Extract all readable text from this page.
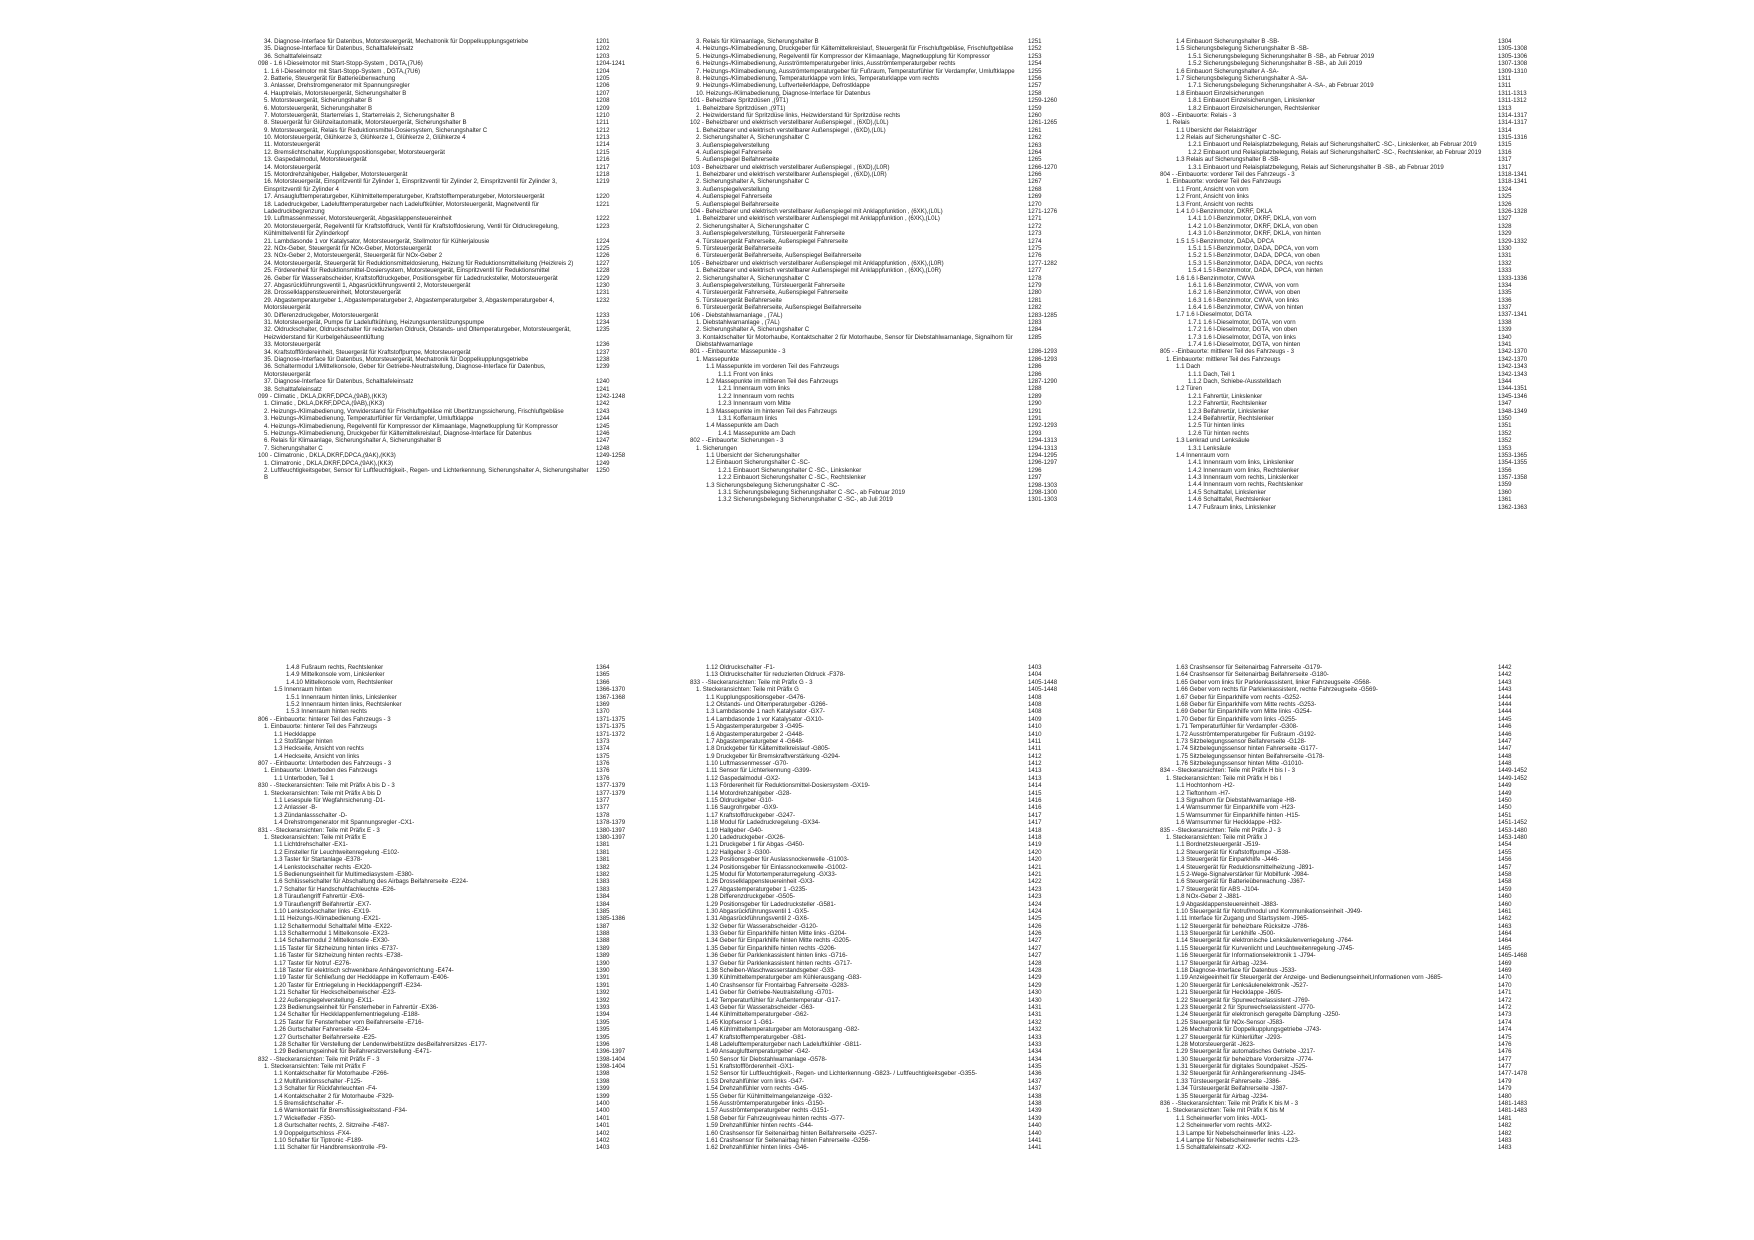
34. Diagnose-Interface für Datenbus, Motorsteuergerät, Mechatronik für Doppelkupplungsgetriebe	1201
35. Diagnose-Interface für Datenbus, Schalttafeleinsatz	1202
36. Schalttafeleinsatz	1203
098 - 1.6 l-Dieselmotor mit Start-Stopp-System , DGTA,(7U6)	1204-1241
1. 1.6 l-Dieselmotor mit Start-Stopp-System , DGTA,(7U6)	1204
2. Batterie, Steuergerät für Batterieüberwachung	1205
3. Anlasser, Drehstromgenerator mit Spannungsregler	1206
4. Hauptrelais, Motorsteuergerät, Sicherungshalter B	1207
5. Motorsteuergerät, Sicherungshalter B	1208
6. Motorsteuergerät, Sicherungshalter B	1209
7. Motorsteuergerät, Starterrelais 1, Starterrelais 2, Sicherungshalter B	1210
8. Steuergerät für Glühzeitautomatik, Motorsteuergerät, Sicherungshalter B	1211
9. Motorsteuergerät, Relais für Reduktionsmittel-Dosiersystem, Sicherungshalter C	1212
10. Motorsteuergerät, Glühkerze 3, Glühkerze 1, Glühkerze 2, Glühkerze 4	1213
11. Motorsteuergerät	1214
12. Bremslichtschalter, Kupplungspositionsgeber, Motorsteuergerät	1215
13. Gaspedalmodul, Motorsteuergerät	1216
14. Motorsteuergerät	1217
15. Motordrehzahlgeber, Hallgeber, Motorsteuergerät	1218
16. Motorsteuergerät, Einspritzventil für Zylinder 1, Einspritzventil für Zylinder 2, Einspritzventil für Zylinder 3, Einspritzventil für Zylinder 4
1219
17. Ansauglufttemperaturgeber, Kühlmitteltemperaturgeber, Kraftstofftemperaturgeber, Motorsteuergerät	1220
18. Ladedruckgeber, Ladelufttemperaturgeber nach Ladeluftkühler, Motorsteuergerät, Magnetventil für Ladedruckbegrenzung
1221
19. Luftmassenmesser, Motorsteuergerät, Abgasklappensteuereinheit	1222
20. Motorsteuergerät, Regelventil für Kraftstoffdruck, Ventil für Kraftstoffdosierung, Ventil für Öldruckregelung, Kühlmittelventil für Zylinderkopf
1223
21. Lambdasonde 1 vor Katalysator, Motorsteuergerät, Stellmotor für Kühlerjalousie	1224
22. NOx-Geber, Steuergerät für NOx-Geber, Motorsteuergerät	1225
23. NOx-Geber 2, Motorsteuergerät, Steuergerät für NOx-Geber 2	1226
24. Motorsteuergerät, Steuergerät für Reduktionsmitteldosierung, Heizung für Reduktionsmittelleitung (Heizkreis 2)	1227
25. Förderenheit für Reduktionsmittel-Dosiersystem, Motorsteuergerät, Einspritzventil für Reduktionsmittel	1228
26. Geber für Wasserabscheider, Kraftstoffdruckgeber, Positionsgeber für Ladedrucksteller, Motorsteuergerät	1229
27. Abgasrückführungsventil 1, Abgasrückführungsventil 2, Motorsteuergerät	1230
28. Drosselklappensteuereinheit, Motorsteuergerät	1231
29. Abgastemperaturgeber 1, Abgastemperaturgeber 2, Abgastemperaturgeber 3, Abgastemperaturgeber 4, Motorsteuergerät
1232
30. Differenzdruckgeber, Motorsteuergerät	1233
31. Motorsteuergerät, Pumpe für Ladeluftkühlung, Heizungsunterstützungspumpe	1234
32. Öldruckschalter, Öldruckschalter für reduzierten Öldruck, Ölstands- und Öltemperaturgeber, Motorsteuergerät, Heizwiderstand für Kurbelgehäuseentlüftung
1235
33. Motorsteuergerät	1236
34. Kraftstofffördereinheit, Steuergerät für Kraftstoffpumpe, Motorsteuergerät	1237
35. Diagnose-Interface für Datenbus, Motorsteuergerät, Mechatronik für Doppelkupplungsgetriebe	1238
36. Schaltermodul 1/Mittelkonsole, Geber für Getriebe-Neutralstellung, Diagnose-Interface für Datenbus, Motorsteuergerät
1239
37. Diagnose-Interface für Datenbus, Schalttafeleinsatz	1240
38. Schalttafeleinsatz	1241
099 - Climatic , DKLA,DKRF,DPCA,(9AB),(KK3)	1242-1248
1. Climatic , DKLA,DKRF,DPCA,(9AB),(KK3)	1242
2. Heizungs-/Klimabedienung, Vorwiderstand für Frischluftgebläse mit Übertitzungssicherung, Frischluftgebläse	1243
3. Heizungs-/Klimabedienung, Temperaturfühler für Verdampfer, Umluftklappe	1244
4. Heizungs-/Klimabedienung, Regelventil für Kompressor der Klimaanlage, Magnetkupplung für Kompressor	1245
5. Heizungs-/Klimabedienung, Druckgeber für Kältemittelkreislauf, Diagnose-Interface für Datenbus	1246
6. Relais für Klimaanlage, Sicherungshalter A, Sicherungshalter B	1247
7. Sicherungshalter C	1248
100 - Climatronic , DKLA,DKRF,DPCA,(9AK),(KK3)	1249-1258
1. Climatronic , DKLA,DKRF,DPCA,(9AK),(KK3)	1249
2. Luftfeuchtigkeitsgeber, Sensor für Luftfeuchtigkeit-, Regen- und Lichterkennung, Sicherungshalter A, Sicherungshalter B
1250
3. Relais für Klimaanlage, Sicherungshalter B	1251
4. Heizungs-/Klimabedienung, Druckgeber für Kältemittelkreislauf, Steuergerät für Frischluftgebläse, Frischluftgebläse	1252
5. Heizungs-/Klimabedienung, Regelventil für Kompressor der Klimaanlage, Magnetkupplung für Kompressor	1253
6. Heizungs-/Klimabedienung, Ausströmtemperaturgeber links, Ausströmtemperaturgeber rechts	1254
7. Heizungs-/Klimabedienung, Ausströmtemperaturgeber für Fußraum, Temperaturfühler für Verdampfer, Umluftklappe	1255
8. Heizungs-/Klimabedienung, Temperaturklappe vorn links, Temperaturklappe vorn rechts	1256
9. Heizungs-/Klimabedienung, Luftverteilerklappe, Defrostklappe	1257
10. Heizungs-/Klimabedienung, Diagnose-Interface für Datenbus	1258
101 - Beheizbare Spritzdüsen ,(9T1)	1259-1260
1. Beheizbare Spritzdüsen ,(9T1)	1259
2. Heizwiderstand für Spritzdüse links, Heizwiderstand für Spritzdüse rechts	1260
102 - Beheizbarer und elektrisch verstellbarer Außenspiegel , (6XD),(L0L)	1261-1265
1. Beheizbarer und elektrisch verstellbarer Außenspiegel , (6XD),(L0L)	1261
2. Sicherungshalter A, Sicherungshalter C	1262
3. Außenspiegelverstellung	1263
4. Außenspiegel Fahrerseite	1264
5. Außenspiegel Beifahrerseite	1265
103 - Beheizbarer und elektrisch verstellbarer Außenspiegel , (6XD),(L0R)	1266-1270
1. Beheizbarer und elektrisch verstellbarer Außenspiegel , (6XD),(L0R)	1266
2. Sicherungshalter A, Sicherungshalter C	1267
3. Außenspiegelverstellung	1268
4. Außenspiegel Fahrerseite	1269
5. Außenspiegel Beifahrerseite	1270
104 - Beheizbarer und elektrisch verstellbarer Außenspiegel mit Anklappfunktion , (6XK),(L0L)	1271-1276
1. Beheizbarer und elektrisch verstellbarer Außenspiegel mit Anklappfunktion , (6XK),(L0L)	1271
2. Sicherungshalter A, Sicherungshalter C	1272
3. Außenspiegelverstellung, Türsteuergerät Fahrerseite	1273
4. Türsteuergerät Fahrerseite, Außenspiegel Fahrerseite	1274
5. Türsteuergerät Beifahrerseite	1275
6. Türsteuergerät Beifahrerseite, Außenspiegel Beifahrerseite	1276
105 - Beheizbarer und elektrisch verstellbarer Außenspiegel mit Anklappfunktion , (6XK),(L0R)	1277-1282
1. Beheizbarer und elektrisch verstellbarer Außenspiegel mit Anklappfunktion , (6XK),(L0R)	1277
2. Sicherungshalter A, Sicherungshalter C	1278
3. Außenspiegelverstellung, Türsteuergerät Fahrerseite	1279
4. Türsteuergerät Fahrerseite, Außenspiegel Fahrerseite	1280
5. Türsteuergerät Beifahrerseite	1281
6. Türsteuergerät Beifahrerseite, Außenspiegel Beifahrerseite	1282
106 - Diebstahlwarnanlage , (7AL)	1283-1285
1. Diebstahlwarnanlage , (7AL)	1283
2. Sicherungshalter A, Sicherungshalter C	1284
3. Kontaktschalter für Motorhaube, Kontaktschalter 2 für Motorhaube, Sensor für Diebstahlwarnanlage, Signalhorn für Diebstahlwarnanlage
1285
801 - -Einbauorte: Massepunkte - 3	1286-1293
1. Massepunkte	1286-1293
1.1 Massepunkte im vorderen Teil des Fahrzeugs	1286
1.1.1 Front von links	1286
1.2 Massepunkte im mittleren Teil des Fahrzeugs	1287-1290
1.2.1 Innenraum vorn links	1288
1.2.2 Innenraum vorn rechts	1289
1.2.3 Innenraum vorn Mitte	1290
1.3 Massepunkte im hinteren Teil des Fahrzeugs	1291
1.3.1 Kofferraum links	1291
1.4 Massepunkte am Dach	1292-1293
1.4.1 Massepunkte am Dach	1293
802 - -Einbauorte: Sicherungen - 3	1294-1313
1. Sicherungen	1294-1313
1.1 Übersicht der Sicherungshalter	1294-1295
1.2 Einbauort Sicherungshalter C -SC-	1296-1297
1.2.1 Einbauort Sicherungshalter C -SC-, Linkslenker	1296
1.2.2 Einbauort Sicherungshalter C -SC-, Rechtslenker	1297
1.3 Sicherungsbelegung Sicherungshalter C -SC-	1298-1303
1.3.1 Sicherungsbelegung Sicherungshalter C -SC-, ab Februar 2019	1298-1300
1.3.2 Sicherungsbelegung Sicherungshalter C -SC-, ab Juli 2019	1301-1303
1.4 Einbauort Sicherungshalter B -SB-	1304
1.5 Sicherungsbelegung Sicherungshalter B -SB-	1305-1308
1.5.1 Sicherungsbelegung Sicherungshalter B -SB-, ab Februar 2019	1305-1306
1.5.2 Sicherungsbelegung Sicherungshalter B -SB-, ab Juli 2019	1307-1308
1.6 Einbauort Sicherungshalter A -SA-	1309-1310
1.7 Sicherungsbelegung Sicherungshalter A -SA-	1311
1.7.1 Sicherungsbelegung Sicherungshalter A -SA-, ab Februar 2019	1311
1.8 Einbauort Einzelsicherungen	1311-1313
1.8.1 Einbauort Einzelsicherungen, Linkslenker	1311-1312
1.8.2 Einbauort Einzelsicherungen, Rechtslenker	1313
803 - -Einbauorte: Relais - 3	1314-1317
1. Relais	1314-1317
1.1 Übersicht der Relaisträger	1314
1.2 Relais auf Sicherungshalter C -SC-	1315-1316
1.2.1 Einbauort und Relaisplatzbelegung, Relais auf SicherungshalterC -SC-, Linkslenker, ab Februar 2019	1315
1.2.2 Einbauort und Relaisplatzbelegung, Relais auf SicherungshalterC -SC-, Rechtslenker, ab Februar 2019	1316
1.3 Relais auf Sicherungshalter B -SB-	1317
1.3.1 Einbauort und Relaisplatzbelegung, Relais auf Sicherungshalter B -SB-, ab Februar 2019	1317
804 - -Einbauorte: vorderer Teil des Fahrzeugs - 3	1318-1341
1. Einbauorte: vorderer Teil des Fahrzeugs	1318-1341
1.1 Front, Ansicht von vorn	1324
1.2 Front, Ansicht von links	1325
1.3 Front, Ansicht von rechts	1326
1.4 1.0 l-Benzinmotor, DKRF, DKLA	1326-1328
1.4.1 1.0 l-Benzinmotor, DKRF, DKLA, von vorn	1327
1.4.2 1.0 l-Benzinmotor, DKRF, DKLA, von oben	1328
1.4.3 1.0 l-Benzinmotor, DKRF, DKLA, von hinten	1329
1.5 1.5 l-Benzinmotor, DADA, DPCA	1329-1332
1.5.1 1.5 l-Benzinmotor, DADA, DPCA, von vorn	1330
1.5.2 1.5 l-Benzinmotor, DADA, DPCA, von oben	1331
1.5.3 1.5 l-Benzinmotor, DADA, DPCA, von rechts	1332
1.5.4 1.5 l-Benzinmotor, DADA, DPCA, von hinten	1333
1.6 1.6 l-Benzinmotor, CWVA	1333-1336
1.6.1 1.6 l-Benzinmotor, CWVA, von vorn	1334
1.6.2 1.6 l-Benzinmotor, CWVA, von oben	1335
1.6.3 1.6 l-Benzinmotor, CWVA, von links	1336
1.6.4 1.6 l-Benzinmotor, CWVA, von hinten	1337
1.7 1.6 l-Dieselmotor, DGTA	1337-1341
1.7.1 1.6 l-Dieselmotor, DGTA, von vorn	1338
1.7.2 1.6 l-Dieselmotor, DGTA, von oben	1339
1.7.3 1.6 l-Dieselmotor, DGTA, von links	1340
1.7.4 1.6 l-Dieselmotor, DGTA, von hinten	1341
805 - -Einbauorte: mittlerer Teil des Fahrzeugs - 3	1342-1370
1. Einbauorte: mittlerer Teil des Fahrzeugs	1342-1370
1.1 Dach	1342-1343
1.1.1 Dach, Teil 1	1342-1343
1.1.2 Dach, Schiebe-/Ausstelldach	1344
1.2 Türen	1344-1351
1.2.1 Fahrertür, Linkslenker	1345-1346
1.2.2 Fahrertür, Rechtslenker	1347
1.2.3 Beifahrertür, Linkslenker	1348-1349
1.2.4 Beifahrertür, Rechtslenker	1350
1.2.5 Tür hinten links	1351
1.2.6 Tür hinten rechts	1352
1.3 Lenkrad und Lenksäule	1352
1.3.1 Lenksäule	1353
1.4 Innenraum vorn	1353-1365
1.4.1 Innenraum vorn links, Linkslenker	1354-1355
1.4.2 Innenraum vorn links, Rechtslenker	1356
1.4.3 Innenraum vorn rechts, Linkslenker	1357-1358
1.4.4 Innenraum vorn rechts, Rechtslenker	1359
1.4.5 Schalttafel, Linkslenker	1360
1.4.6 Schalttafel, Rechtslenker	1361
1.4.7 Fußraum links, Linkslenker	1362-1363
1.4.8 Fußraum rechts, Rechtslenker	1364
1.4.9 Mittelkonsole vorn, Linkslenker	1365
1.4.10 Mittelkonsole vorn, Rechtslenker	1366
1.5 Innenraum hinten	1366-1370
1.5.1 Innenraum hinten links, Linkslenker	1367-1368
1.5.2 Innenraum hinten links, Rechtslenker	1369
1.5.3 Innenraum hinten rechts	1370
806 - -Einbauorte: hinterer Teil des Fahrzeugs - 3	1371-1375
1. Einbauorte: hinterer Teil des Fahrzeugs	1371-1375
1.1 Heckklappe	1371-1372
1.2 Stoßfänger hinten	1373
1.3 Heckseite, Ansicht von rechts	1374
1.4 Heckseite, Ansicht von links	1375
807 - -Einbauorte: Unterboden des Fahrzeugs - 3	1376
1. Einbauorte: Unterboden des Fahrzeugs	1376
1.1 Unterboden, Teil 1	1376
830 - -Steckeransichten: Teile mit Präfix A bis D - 3	1377-1379
1. Steckeransichten: Teile mit Präfix A bis D	1377-1379
1.1 Lesespule für Wegfahrsicherung -D1-	1377
1.2 Anlasser -B-	1377
1.3 Zündanlassschalter -D-	1378
1.4 Drehstromgenerator mit Spannungsregler -CX1-	1378-1379
831 - -Steckeransichten: Teile mit Präfix E - 3	1380-1397
1. Steckeransichten: Teile mit Präfix E	1380-1397
1.1 Lichtdrehschalter -EX1-	1381
1.2 Einsteller für Leuchtweitenregelung -E102-	1381
1.3 Taster für Startanlage -E378-	1381
1.4 Lenkstockschalter rechts -EX20-	1382
1.5 Bedienungseinheit für Multimediasystem -E380-	1382
1.6 Schlüsselschalter für Abschaltung des Airbags Beifahrerseite -E224-	1383
1.7 Schalter für Handschuhfachleuchte -E26-	1383
1.8 Türaußengriff Fahrertür -EX6-	1384
1.9 Türaußengriff Beifahrertür -EX7-	1384
1.10 Lenkstockschalter links -EX19-	1385
1.11 Heizungs-/Klimabedienung -EX21-	1385-1386
1.12 Schaltermodul Schalttafel Mitte -EX22-	1387
1.13 Schaltermodul 1 Mittelkonsole -EX23-	1388
1.14 Schaltermodul 2 Mittelkonsole -EX30-	1388
1.15 Taster für Sitzheizung hinten links -E737-	1389
1.16 Taster für Sitzheizung hinten rechts -E738-	1389
1.17 Taster für Notruf -E276-	1390
1.18 Taster für elektrisch schwenkbare Anhängevorrichtung -E474-	1390
1.19 Taster für Schließung der Heckklappe im Kofferraum -E406-	1391
1.20 Taster für Entriegelung in Heckklappengriff -E234-	1391
1.21 Schalter für Heckscheibenwischer -E23-	1392
1.22 Außenspiegelverstellung -EX11-	1392
1.23 Bedienungseinheit für Fensterheber in Fahrertür -EX36-	1393
1.24 Schalter für Heckklappenfernentriegelung -E188-	1394
1.25 Taster für Fensterheber vorn Beifahrerseite -E716-	1395
1.26 Gurtschalter Fahrerseite -E24-	1395
1.27 Gurtschalter Beifahrerseite -E25-	1395
1.28 Schalter für Verstellung der Lendenwirbelstütze desBeifahrersitzes -E177-	1396
1.29 Bedienungseinheit für Beifahrersitzverstellung -E471-	1396-1397
832 - -Steckeransichten: Teile mit Präfix F - 3	1398-1404
1. Steckeransichten: Teile mit Präfix F	1398-1404
1.1 Kontaktschalter für Motorhaube -F266-	1398
1.2 Multifunktionsschalter -F125-	1398
1.3 Schalter für Rückfahrleuchten -F4-	1399
1.4 Kontaktschalter 2 für Motorhaube -F329-	1399
1.5 Bremslichtschalter -F-	1400
1.6 Warnkontakt für Bremsflüssigkeitsstand -F34-	1400
1.7 Wickelfeder -F350-	1401
1.8 Gurtschalter rechts, 2. Sitzreihe -F487-	1401
1.9 Doppelgurtschloss -FX4-	1402
1.10 Schalter für Tiptronic -F189-	1402
1.11 Schalter für Handbremskontrolle -F9-	1403
1.12 Öldruckschalter -F1-	1403
1.13 Öldruckschalter für reduzierten Öldruck -F378-	1404
833 - -Steckeransichten: Teile mit Präfix G - 3	1405-1448
1. Steckeransichten: Teile mit Präfix G	1405-1448
1.1 Kupplungspositionsgeber -G476-	1408
1.2 Ölstands- und Öltemperaturgeber -G266-	1408
1.3 Lambdasonde 1 nach Katalysator -GX7-	1408
1.4 Lambdasonde 1 vor Katalysator -GX10-	1409
1.5 Abgastemperaturgeber 3 -G495-	1410
1.6 Abgastemperaturgeber 2 -G448-	1410
1.7 Abgastemperaturgeber 4 -G648-	1411
1.8 Druckgeber für Kältemittelkreislauf -G805-	1411
1.9 Druckgeber für Bremskraftverstärkung -G294-	1412
1.10 Luftmassenmesser -G70-	1412
1.11 Sensor für Lichterkennung -G399-	1413
1.12 Gaspedalmodul -GX2-	1413
1.13 Förderenheit für Reduktionsmittel-Dosiersystem -GX19-	1414
1.14 Motordrehzahlgeber -G28-	1415
1.15 Öldruckgeber -G10-	1416
1.16 Saugrohrgeber -GX9-	1416
1.17 Kraftstoffdruckgeber -G247-	1417
1.18 Modul für Ladedruckregelung -GX34-	1417
1.19 Hallgeber -G40-	1418
1.20 Ladedruckgeber -GX26-	1418
1.21 Druckgeber 1 für Abgas -G450-	1419
1.22 Hallgeber 3 -G300-	1420
1.23 Positionsgeber für Auslassnockenwelle -G1003-	1420
1.24 Positionsgeber für Einlassnockenwelle -G1002-	1421
1.25 Modul für Motortemperaturregelung -GX33-	1421
1.26 Drosselklappensteuereinheit -GX3-	1422
1.27 Abgastemperaturgeber 1 -G235-	1423
1.28 Differenzdruckgeber -G505-	1423
1.29 Positionsgeber für Ladedrucksteller -G581-	1424
1.30 Abgasrückführungsventil 1 -GX5-	1424
1.31 Abgasrückführungsventil 2 -GX6-	1425
1.32 Geber für Wasserabscheider -G120-	1426
1.33 Geber für Einparkhilfe hinten Mitte links -G204-	1426
1.34 Geber für Einparkhilfe hinten Mitte rechts -G205-	1427
1.35 Geber für Einparkhilfe hinten rechts -G206-	1427
1.36 Geber für Parklenkassistent hinten links -G716-	1427
1.37 Geber für Parklenkassistent hinten rechts -G717-	1428
1.38 Scheiben-Waschwasserstandsgeber -G33-	1428
1.39 Kühlmitteltemperaturgeber am Kühlerausgang -G83-	1429
1.40 Crashsensor für Frontairbag Fahrerseite -G283-	1429
1.41 Geber für Getriebe-Neutralstellung -G701-	1430
1.42 Temperaturfühler für Außentemperatur -G17-	1430
1.43 Geber für Wasserabscheider -G63-	1431
1.44 Kühlmitteltemperaturgeber -G62-	1431
1.45 Klopfsensor 1 -G61-	1432
1.46 Kühlmitteltemperaturgeber am Motorausgang -G82-	1432
1.47 Kraftstofftemperaturgeber -G81-	1433
1.48 Ladelufttemperaturgeber nach Ladeluftkühler -G811-	1433
1.49 Ansauglufttemperaturgeber -G42-	1434
1.50 Sensor für Diebstahlwarnanlage -G578-	1434
1.51 Kraftstoffförderenheit -GX1-	1435
1.52 Sensor für Luftfeuchtigkeit-, Regen- und Lichterkennung -G823- / Luftfeuchtigkeitsgeber -G355-	1436
1.53 Drehzahlfühler vorn links -G47-	1437
1.54 Drehzahlfühler vorn rechts -G45-	1437
1.55 Geber für Kühlmittelmangelanzeige -G32-	1438
1.56 Ausströmtemperaturgeber links -G150-	1438
1.57 Ausströmtemperaturgeber rechts -G151-	1439
1.58 Geber für Fahrzeugniveau hinten rechts -G77-	1439
1.59 Drehzahlfühler hinten rechts -G44-	1440
1.60 Crashsensor für Seitenairbag hinten Beifahrerseite -G257-	1440
1.61 Crashsensor für Seitenairbag hinten Fahrerseite -G256-	1441
1.62 Drehzahlfühler hinten links -G46-	1441
1.63 Crashsensor für Seitenairbag Fahrerseite -G179-	1442
1.64 Crashsensor für Seitenairbag Beifahrerseite -G180-	1442
1.65 Geber vorn links für Parklenkassistent, linker Fahrzeugseite -G568-	1443
1.66 Geber vorn rechts für Parklenkassistent, rechte Fahrzeugseite -G569-	1443
1.67 Geber für Einparkhilfe vorn rechts -G252-	1444
1.68 Geber für Einparkhilfe vorn Mitte rechts -G253-	1444
1.69 Geber für Einparkhilfe vorn Mitte links -G254-	1444
1.70 Geber für Einparkhilfe vorn links -G255-	1445
1.71 Temperaturfühler für Verdampfer -G308-	1446
1.72 Ausströmtemperaturgeber für Fußraum -G192-	1446
1.73 Sitzbelegungssensor Beifahrerseite -G128-	1447
1.74 Sitzbelegungssensor hinten Fahrerseite -G177-	1447
1.75 Sitzbelegungssensor hinten Beifahrerseite -G178-	1448
1.76 Sitzbelegungssensor hinten Mitte -G1010-	1448
834 - -Steckeransichten: Teile mit Präfix H bis I - 3	1449-1452
1. Steckeransichten: Teile mit Präfix H bis I	1449-1452
1.1 Hochtonhorn -H2-	1449
1.2 Tieftonhorn -H7-	1449
1.3 Signalhorn für Diebstahlwarnanlage -H8-	1450
1.4 Warnsummer für Einparkhilfe vorn -H23-	1450
1.5 Warnsummer für Einparkhilfe hinten -H15-	1451
1.6 Warnsummer für Heckklappe -H32-	1451-1452
835 - -Steckeransichten: Teile mit Präfix J - 3	1453-1480
1. Steckeransichten: Teile mit Präfix J	1453-1480
1.1 Bordnetzsteuergerät -J519-	1454
1.2 Steuergerät für Kraftstoffpumpe -J538-	1455
1.3 Steuergerät für Einparkhilfe -J446-	1456
1.4 Steuergerät für Reduktionsmittelheizung -J891-	1457
1.5 2-Wege-Signalverstärker für Mobilfunk -J984-	1458
1.6 Steuergerät für Batterieüberwachung -J367-	1458
1.7 Steuergerät für ABS -J104-	1459
1.8 NOx-Geber 2 -J881-	1460
1.9 Abgasklappensteuereinheit -J883-	1460
1.10 Steuergerät für Notruf/modul und Kommunikationseinheit -J949-	1461
1.11 Interface für Zugang und Startsystem -J965-	1462
1.12 Steuergerät für beheizbare Rücksitze -J786-	1463
1.13 Steuergerät für Lenkhilfe -J500-	1464
1.14 Steuergerät für elektronische Lenksäulenverriegelung -J764-	1464
1.15 Steuergerät für Kurvenlicht und Leuchtweitenregelung -J745-	1465
1.16 Steuergerät für Informationselektronik 1 -J794-	1465-1468
1.17 Steuergerät für Airbag -J234-	1469
1.18 Diagnose-Interface für Datenbus -J533-	1469
1.19 Anzeigeeinheit für Steuergerät der Anzeige- und Bedienungseinheit,Informationen vorn -J685-	1470
1.20 Steuergerät für Lenksäulenelektronik -J527-	1470
1.21 Steuergerät für Heckklappe -J605-	1471
1.22 Steuergerät für Spurwechselassistent -J769-	1472
1.23 Steuergerät 2 für Spurwechselassistent -J770-	1472
1.24 Steuergerät für elektronisch geregelte Dämpfung -J250-	1473
1.25 Steuergerät für NOx-Sensor -J583-	1474
1.26 Mechatronik für Doppelkupplungsgetriebe -J743-	1474
1.27 Steuergerät für Kühlerlüfter -J293-	1475
1.28 Motorsteuergerät -J623-	1476
1.29 Steuergerät für automatisches Getriebe -J217-	1476
1.30 Steuergerät für beheizbare Vordersitze -J774-	1477
1.31 Steuergerät für digitales Soundpaket -J525-	1477
1.32 Steuergerät für Anhängererkennung -J345-	1477-1478
1.33 Türsteuergerät Fahrerseite -J386-	1479
1.34 Türsteuergerät Beifahrerseite -J387-	1479
1.35 Steuergerät für Airbag -J234-	1480
836 - -Steckeransichten: Teile mit Präfix K bis M - 3	1481-1483
1. Steckeransichten: Teile mit Präfix K bis M	1481-1483
1.1 Scheinwerfer vorn links -MX1-	1481
1.2 Scheinwerfer vorn rechts -MX2-	1482
1.3 Lampe für Nebelscheinwerfer links -L22-	1482
1.4 Lampe für Nebelscheinwerfer rechts -L23-	1483
1.5 Schalttafeleinsatz -KX2-	1483
